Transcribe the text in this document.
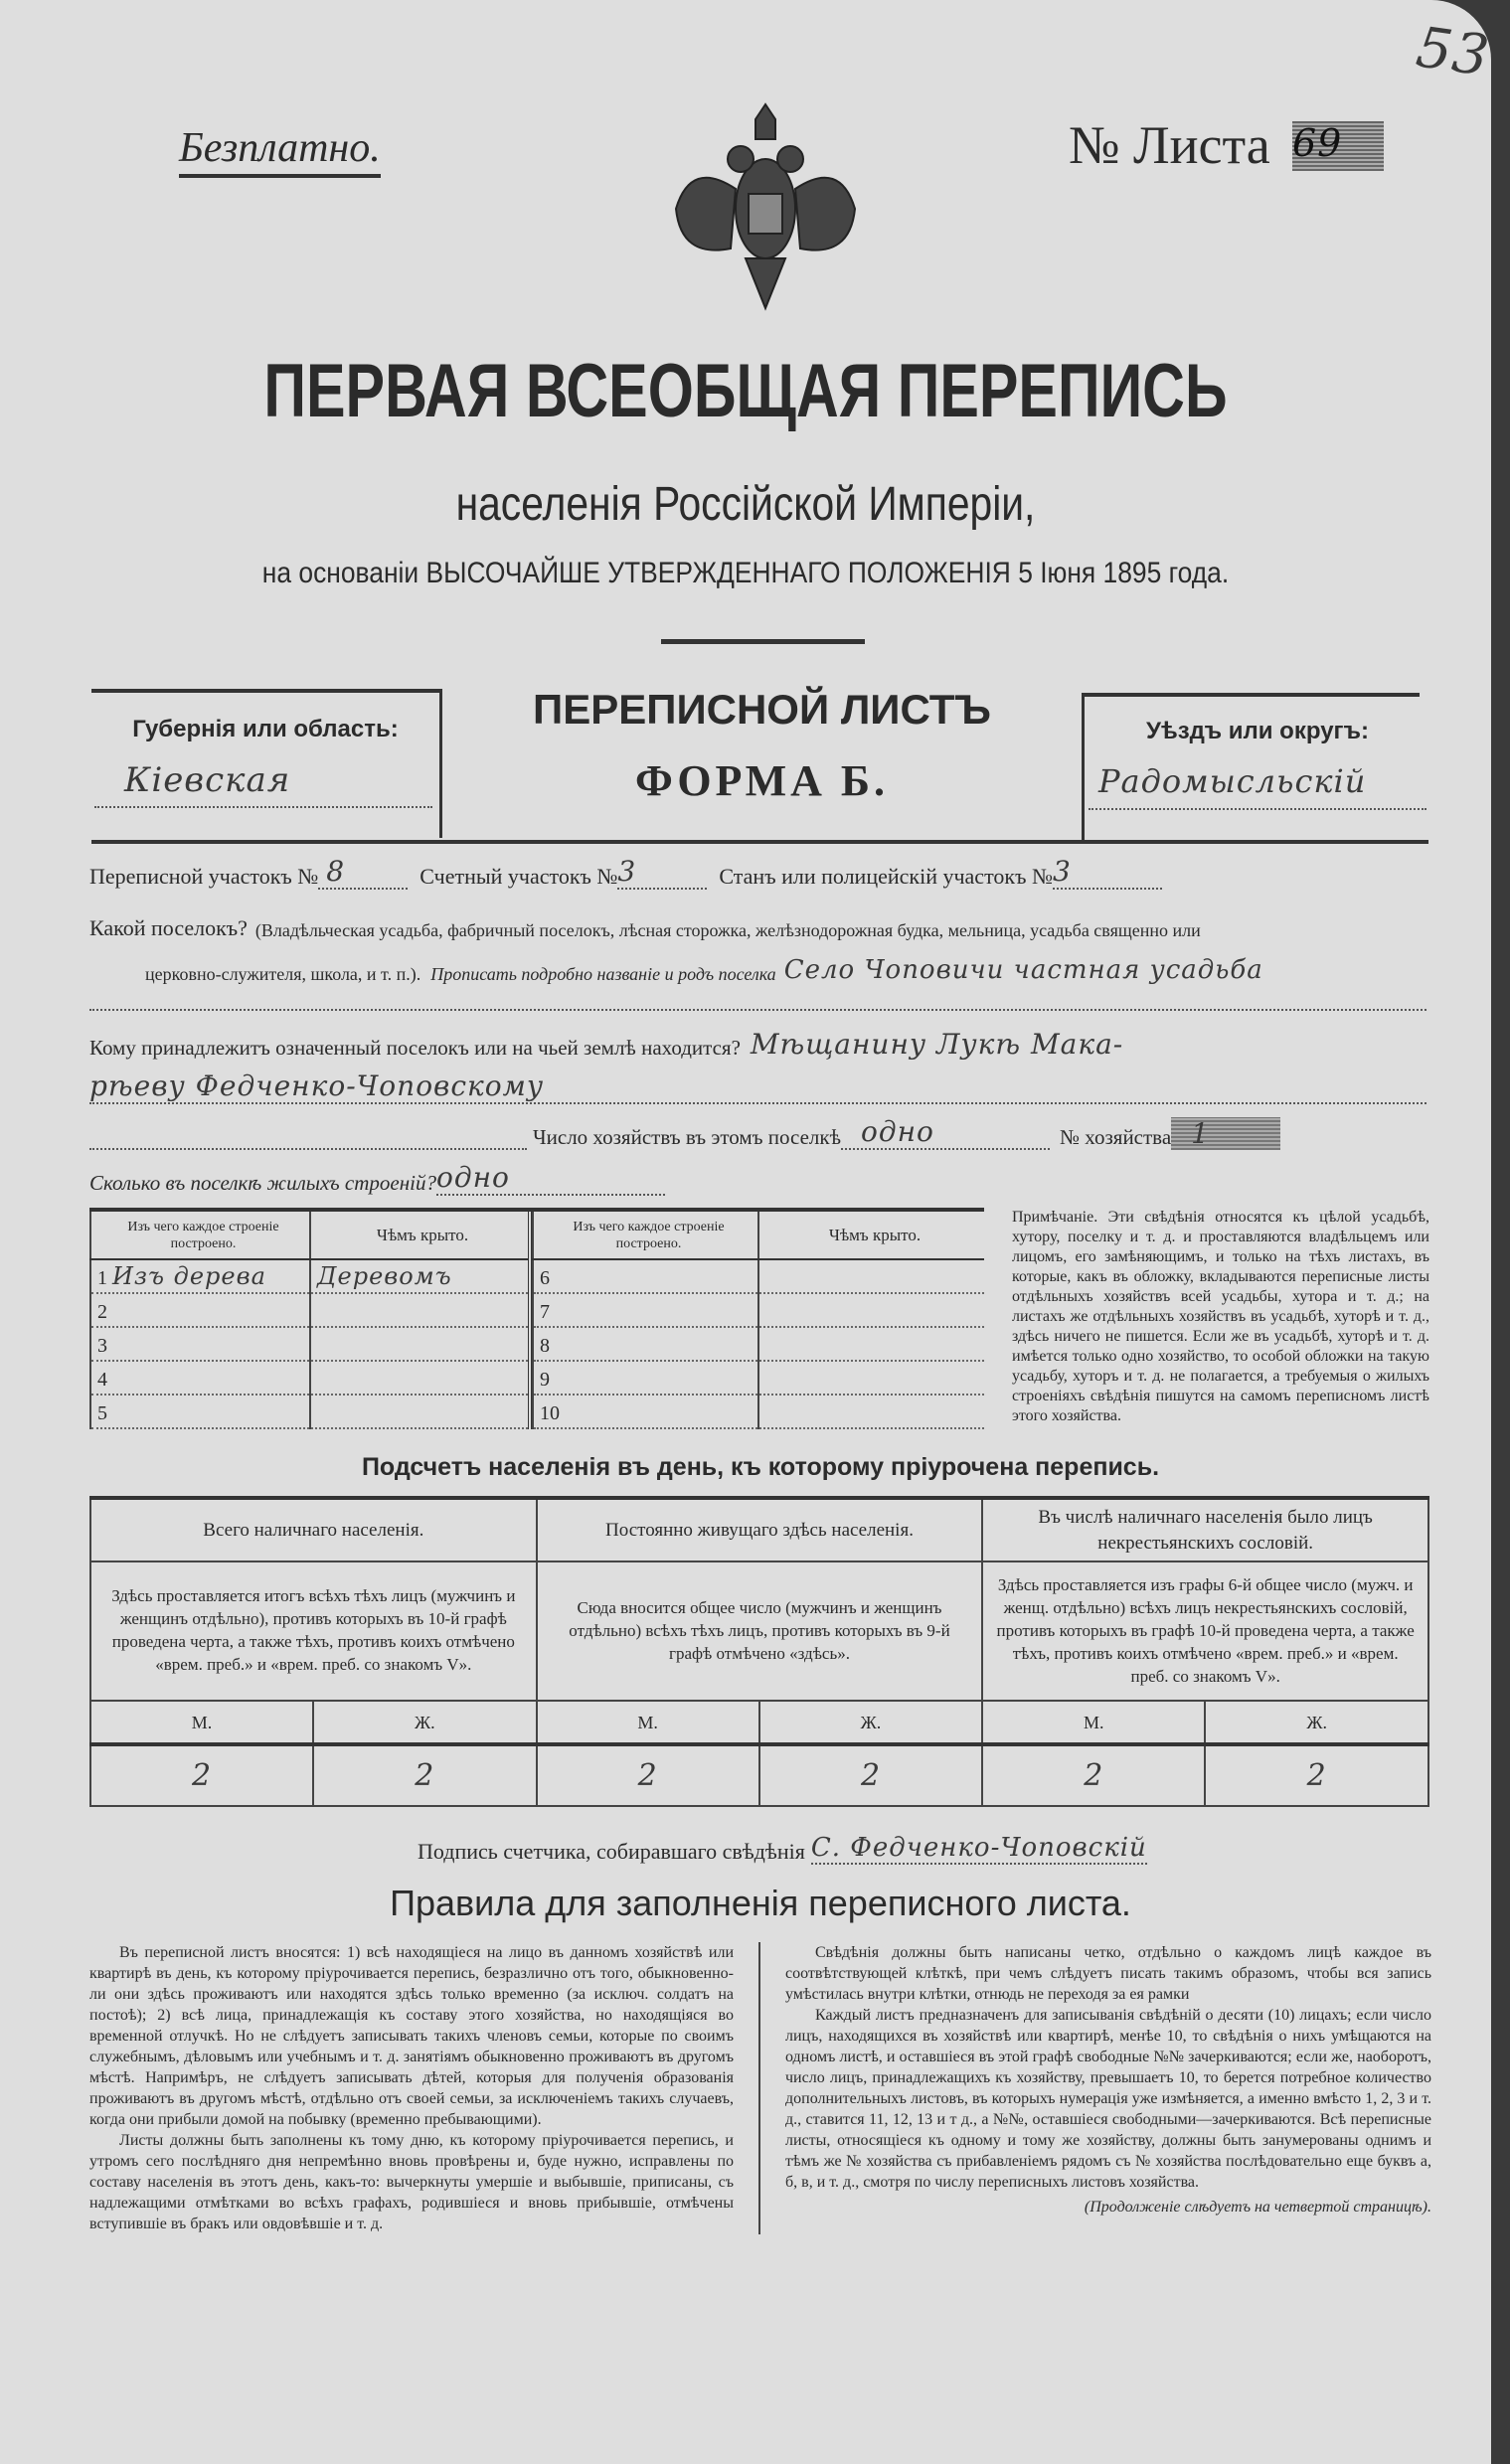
53
Безплатно.	№ Листа 69
ПЕРВАЯ ВСЕОБЩАЯ ПЕРЕПИСЬ
населенія Россійской Имперіи,
на основаніи ВЫСОЧАЙШЕ УТВЕРЖДЕННАГО ПОЛОЖЕНІЯ 5 Іюня 1895 года.
Губернія или область:
Кіевская
ПЕРЕПИСНОЙ ЛИСТЪ
ФОРМА Б.
Уѣздъ или округъ:
Радомысльскій
Переписной участокъ № 8	Счетный участокъ № 3	Станъ или полицейскій участокъ № 3
Какой поселокъ? (Владѣльческая усадьба, фабричный поселокъ, лѣсная сторожка, желѣзнодорожная будка, мельница, усадьба священно или
церковно-служителя, школа, и т. п.). Прописать подробно названіе и родъ поселка Село Чоповичи частная усадьба
Кому принадлежитъ означенный поселокъ или на чьей землѣ находится? Мѣщанину Лукѣ Мака-
рѣеву Федченко-Чоповскому
Число хозяйствъ въ этомъ поселкѣ одно	№ хозяйства 1
Сколько въ поселкѣ жилыхъ строеній? одно
Изъ чего каждое строеніе построено.	Чѣмъ крыто.
1 Изъ дерева	Деревомъ
2	
3	
4	
5	
Изъ чего каждое строеніе построено.	Чѣмъ крыто.
6	
7	
8	
9	
10	
Примѣчаніе. Эти свѣдѣнія относятся къ цѣлой усадьбѣ, хутору, поселку и т. д. и проставляются владѣльцемъ или лицомъ, его замѣняющимъ, и только на тѣхъ листахъ, въ которые, какъ въ обложку, вкладываются переписные листы отдѣльныхъ хозяйствъ всей усадьбы, хутора и т. д.; на листахъ же отдѣльныхъ хозяйствъ въ усадьбѣ, хуторѣ и т. д., здѣсь ничего не пишется. Если же въ усадьбѣ, хуторѣ и т. д. имѣется только одно хозяйство, то особой обложки на такую усадьбу, хуторъ и т. д. не полагается, а требуемыя о жилыхъ строеніяхъ свѣдѣнія пишутся на самомъ переписномъ листѣ этого хозяйства.
Подсчетъ населенія въ день, къ которому пріурочена перепись.
Всего наличнаго населенія.		Постоянно живущаго здѣсь населенія.		Въ числѣ наличнаго населенія было лицъ некрестьянскихъ сословій.	
Здѣсь проставляется итогъ всѣхъ тѣхъ лицъ (мужчинъ и женщинъ отдѣльно), противъ которыхъ въ 10-й графѣ проведена черта, а также тѣхъ, противъ коихъ отмѣчено «врем. преб.» и «врем. преб. со знакомъ V».		Сюда вносится общее число (мужчинъ и женщинъ отдѣльно) всѣхъ тѣхъ лицъ, противъ которыхъ въ 9-й графѣ отмѣчено «здѣсь».		Здѣсь проставляется изъ графы 6-й общее число (мужч. и женщ. отдѣльно) всѣхъ лицъ некрестьянскихъ сословій, противъ которыхъ въ графѣ 10-й проведена черта, а также тѣхъ, противъ коихъ отмѣчено «врем. преб.» и «врем. преб. со знакомъ V».	
М.	Ж.	М.	Ж.	М.	Ж.
2	2	2	2	2	2
Подпись счетчика, собиравшаго свѣдѣнія С. Федченко-Чоповскій
Правила для заполненія переписного листа.

Въ переписной листъ вносятся: 1) всѣ находящіеся на лицо въ данномъ хозяйствѣ или квартирѣ въ день, къ которому пріурочивается перепись, безразлично отъ того, обыкновенно-ли они здѣсь проживаютъ или находятся здѣсь только временно (за исключ. солдатъ на постоѣ); 2) всѣ лица, принадлежащія къ составу этого хозяйства, но находящіяся во временной отлучкѣ. Но не слѣдуетъ записывать такихъ членовъ семьи, которые по своимъ служебнымъ, дѣловымъ или учебнымъ и т. д. занятіямъ обыкновенно проживаютъ въ другомъ мѣстѣ. Напримѣръ, не слѣдуетъ записывать дѣтей, которыя для полученія образованія проживаютъ въ другомъ мѣстѣ, отдѣльно отъ своей семьи, за исключеніемъ такихъ случаевъ, когда они прибыли домой на побывку (временно пребывающими).

Листы должны быть заполнены къ тому дню, къ которому пріурочивается перепись, и утромъ сего послѣдняго дня непремѣнно вновь провѣрены и, буде нужно, исправлены по составу населенія въ этотъ день, какъ-то: вычеркнуты умершіе и выбывшіе, приписаны, съ надлежащими отмѣтками во всѣхъ графахъ, родившіеся и вновь прибывшіе, отмѣчены вступившіе въ бракъ или овдовѣвшіе и т. д.

Свѣдѣнія должны быть написаны четко, отдѣльно о каждомъ лицѣ каждое въ соотвѣтствующей клѣткѣ, при чемъ слѣдуетъ писать такимъ образомъ, чтобы вся запись умѣстилась внутри клѣтки, отнюдь не переходя за ея рамки

Каждый листъ предназначенъ для записыванія свѣдѣній о десяти (10) лицахъ; если число лицъ, находящихся въ хозяйствѣ или квартирѣ, менѣе 10, то свѣдѣнія о нихъ умѣщаются на одномъ листѣ, и оставшіеся въ этой графѣ свободные №№ зачеркиваются; если же, наоборотъ, число лицъ, принадлежащихъ къ хозяйству, превышаетъ 10, то берется потребное количество дополнительныхъ листовъ, въ которыхъ нумерація уже измѣняется, а именно вмѣсто 1, 2, 3 и т. д., ставится 11, 12, 13 и т д., а №№, оставшіеся свободными—зачеркиваются. Всѣ переписные листы, относящіеся къ одному и тому же хозяйству, должны быть занумерованы однимъ и тѣмъ же № хозяйства съ прибавленіемъ рядомъ съ № хозяйства послѣдовательно еще буквъ а, б, в, и т. д., смотря по числу переписныхъ листовъ хозяйства.

(Продолженіе слѣдуетъ на четвертой страницѣ).
